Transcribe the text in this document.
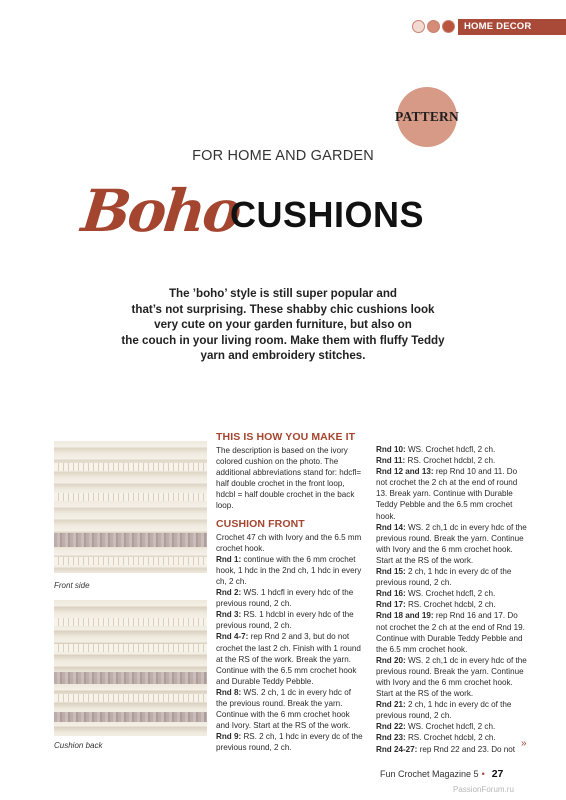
HOME DECOR
PATTERN
FOR HOME AND GARDEN
Boho
CUSHIONS
The ’boho’ style is still super popular and
that’s not surprising. These shabby chic cushions look
very cute on your garden furniture, but also on
the couch in your living room. Make them with fluffy Teddy
yarn and embroidery stitches.
Front side
Cushion back
THIS IS HOW YOU MAKE IT

The description is based on the ivory colored cushion on the photo. The additional abbreviations stand for: hdcfl= half double crochet in the front loop, hdcbl = half double crochet in the back loop.

CUSHION FRONT

Crochet 47 ch with Ivory and the 6.5 mm crochet hook.

Rnd 1: continue with the 6 mm crochet hook, 1 hdc in the 2nd ch, 1 hdc in every ch, 2 ch.

Rnd 2: WS. 1 hdcfl in every hdc of the previous round, 2 ch.

Rnd 3: RS. 1 hdcbl in every hdc of the previous round, 2 ch.

Rnd 4-7: rep Rnd 2 and 3, but do not crochet the last 2 ch. Finish with 1 round at the RS of the work. Break the yarn. Continue with the 6.5 mm crochet hook and Durable Teddy Pebble.

Rnd 8: WS. 2 ch, 1 dc in every hdc of the previous round. Break the yarn. Continue with the 6 mm crochet hook and Ivory. Start at the RS of the work.

Rnd 9: RS. 2 ch, 1 hdc in every dc of the previous round, 2 ch.

Rnd 10: WS. Crochet hdcfl, 2 ch.

Rnd 11: RS. Crochet hdcbl, 2 ch.

Rnd 12 and 13: rep Rnd 10 and 11. Do not crochet the 2 ch at the end of round 13. Break yarn. Continue with Durable Teddy Pebble and the 6.5 mm crochet hook.

Rnd 14: WS. 2 ch,1 dc in every hdc of the previous round. Break the yarn. Continue with Ivory and the 6 mm crochet hook. Start at the RS of the work.

Rnd 15: 2 ch, 1 hdc in every dc of the previous round, 2 ch.

Rnd 16: WS. Crochet hdcfl, 2 ch.

Rnd 17: RS. Crochet hdcbl, 2 ch.

Rnd 18 and 19: rep Rnd 16 and 17. Do not crochet the 2 ch at the end of Rnd 19. Continue with Durable Teddy Pebble and the 6.5 mm crochet hook.

Rnd 20: WS. 2 ch,1 dc in every hdc of the previous round. Break the yarn. Continue with Ivory and the 6 mm crochet hook. Start at the RS of the work.

Rnd 21: 2 ch, 1 hdc in every dc of the previous round, 2 ch.

Rnd 22: WS. Crochet hdcfl, 2 ch.

Rnd 23: RS. Crochet hdcbl, 2 ch.

Rnd 24-27: rep Rnd 22 and 23. Do not

»
Fun Crochet Magazine 5 • 27
PassionForum.ru
